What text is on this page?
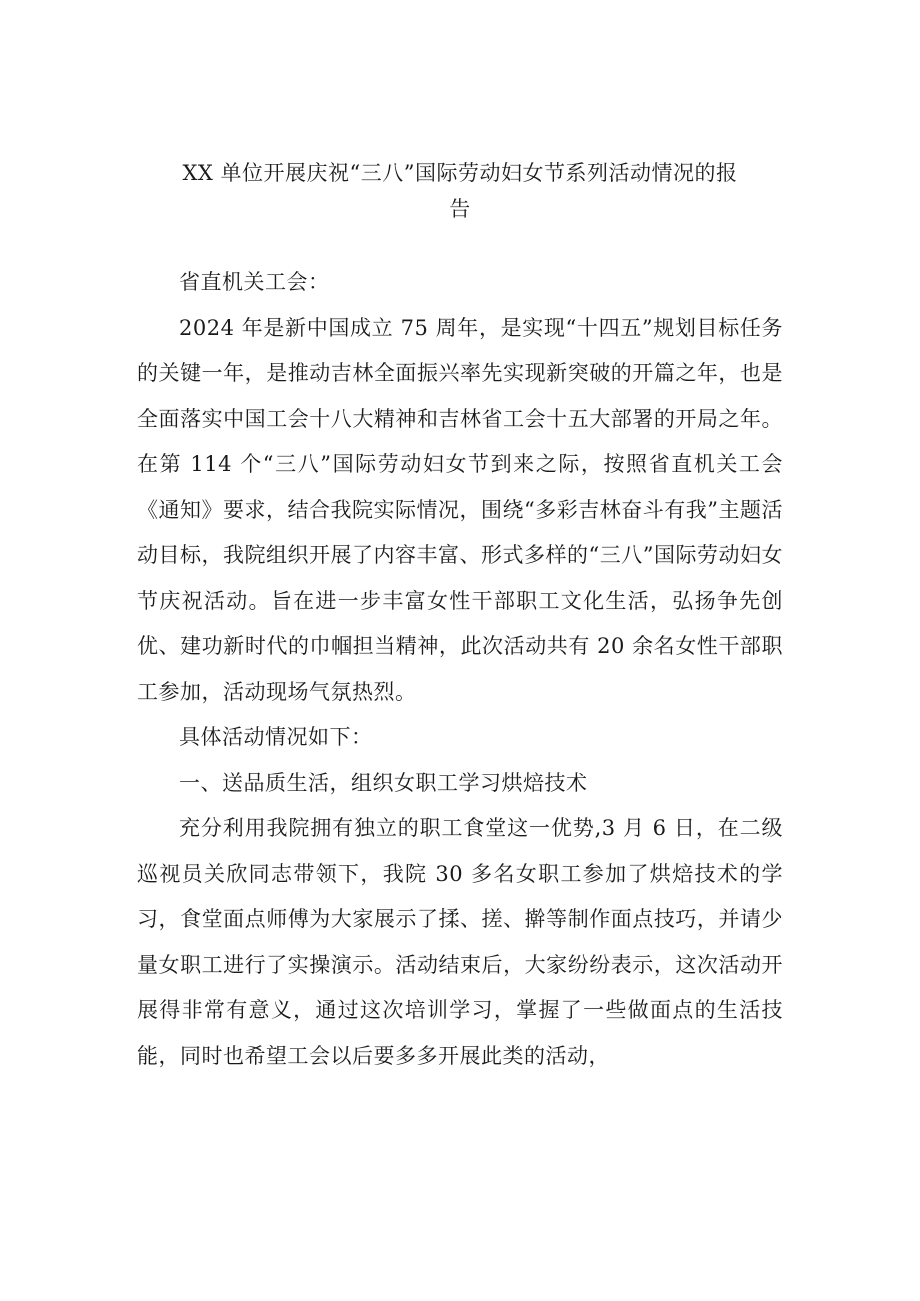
XX 单位开展庆祝“三八”国际劳动妇女节系列活动情况的报
告

省直机关工会：

2024 年是新中国成立 75 周年，是实现“十四五”规划目标任务的关键一年，是推动吉林全面振兴率先实现新突破的开篇之年，也是全面落实中国工会十八大精神和吉林省工会十五大部署的开局之年。在第 114 个“三八”国际劳动妇女节到来之际，按照省直机关工会《通知》要求，结合我院实际情况，围绕“多彩吉林奋斗有我”主题活动目标，我院组织开展了内容丰富、形式多样的“三八”国际劳动妇女节庆祝活动。旨在进一步丰富女性干部职工文化生活，弘扬争先创优、建功新时代的巾帼担当精神，此次活动共有 20 余名女性干部职工参加，活动现场气氛热烈。

具体活动情况如下：

一、送品质生活，组织女职工学习烘焙技术

充分利用我院拥有独立的职工食堂这一优势,3 月 6 日，在二级巡视员关欣同志带领下，我院 30 多名女职工参加了烘焙技术的学习，食堂面点师傅为大家展示了揉、搓、擀等制作面点技巧，并请少量女职工进行了实操演示。活动结束后，大家纷纷表示，这次活动开展得非常有意义，通过这次培训学习，掌握了一些做面点的生活技能，同时也希望工会以后要多多开展此类的活动，
